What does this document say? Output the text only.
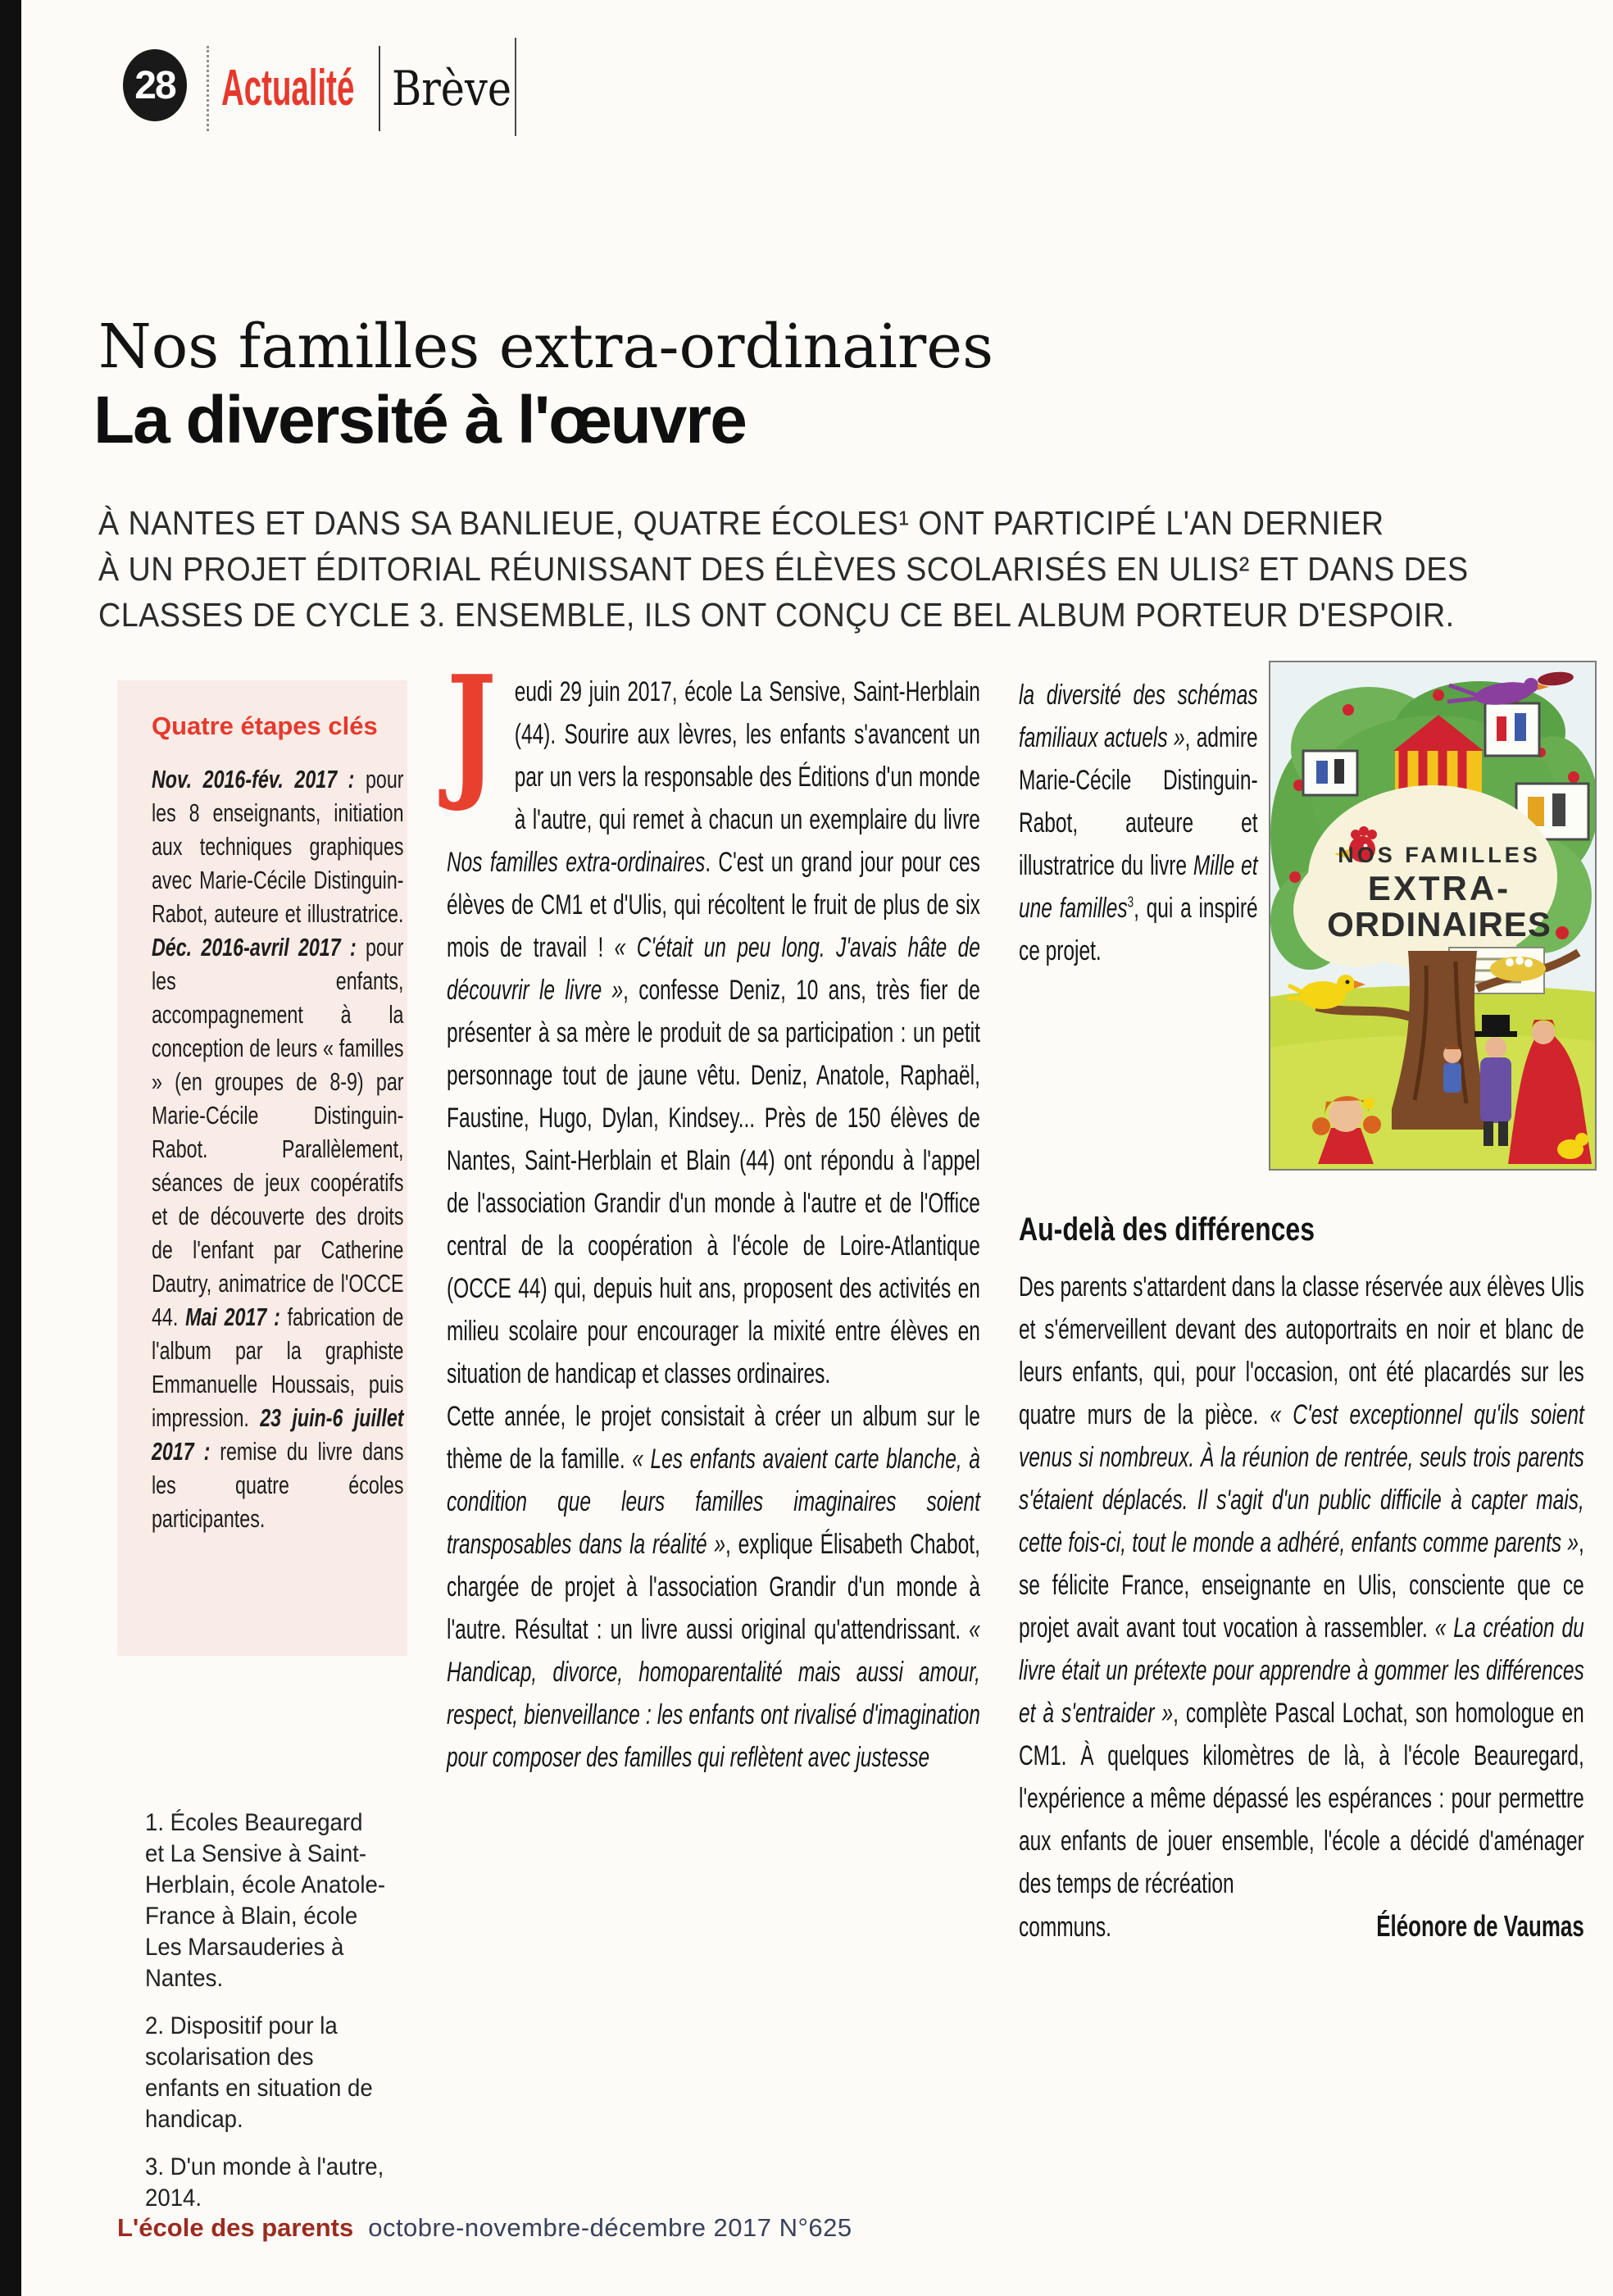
28 Actualité Brève
Nos familles extra-ordinaires
La diversité à l'œuvre
À NANTES ET DANS SA BANLIEUE, QUATRE ÉCOLES¹ ONT PARTICIPÉ L'AN DERNIER
À UN PROJET ÉDITORIAL RÉUNISSANT DES ÉLÈVES SCOLARISÉS EN ULIS² ET DANS DES
CLASSES DE CYCLE 3. ENSEMBLE, ILS ONT CONÇU CE BEL ALBUM PORTEUR D'ESPOIR.
Quatre étapes clés
Nov. 2016-fév. 2017 : pour les 8 enseignants, initiation aux techniques graphiques avec Marie-Cécile Distinguin-Rabot, auteure et illustratrice. Déc. 2016-avril 2017 : pour les enfants, accompagnement à la conception de leurs « familles » (en groupes de 8-9) par Marie-Cécile Distinguin-Rabot. Parallèlement, séances de jeux coopératifs et de découverte des droits de l'enfant par Catherine Dautry, animatrice de l'OCCE 44. Mai 2017 : fabrication de l'album par la graphiste Emmanuelle Houssais, puis impression. 23 juin-6 juillet 2017 : remise du livre dans les quatre écoles participantes.

Jeudi 29 juin 2017, école La Sensive, Saint-Herblain (44). Sourire aux lèvres, les enfants s'avancent un par un vers la responsable des Éditions d'un monde à l'autre, qui remet à chacun un exemplaire du livre Nos familles extra-ordinaires. C'est un grand jour pour ces élèves de CM1 et d'Ulis, qui récoltent le fruit de plus de six mois de travail ! « C'était un peu long. J'avais hâte de découvrir le livre », confesse Deniz, 10 ans, très fier de présenter à sa mère le produit de sa participation : un petit personnage tout de jaune vêtu. Deniz, Anatole, Raphaël, Faustine, Hugo, Dylan, Kindsey... Près de 150 élèves de Nantes, Saint-Herblain et Blain (44) ont répondu à l'appel de l'association Grandir d'un monde à l'autre et de l'Office central de la coopération à l'école de Loire-Atlantique (OCCE 44) qui, depuis huit ans, proposent des activités en milieu scolaire pour encourager la mixité entre élèves en situation de handicap et classes ordinaires.

Cette année, le projet consistait à créer un album sur le thème de la famille. « Les enfants avaient carte blanche, à condition que leurs familles imaginaires soient transposables dans la réalité », explique Élisabeth Chabot, chargée de projet à l'association Grandir d'un monde à l'autre. Résultat : un livre aussi original qu'attendrissant. « Handicap, divorce, homoparentalité mais aussi amour, respect, bienveillance : les enfants ont rivalisé d'imagination pour composer des familles qui reflètent avec justesse

la diversité des schémas familiaux actuels », admire Marie-Cécile Distinguin-Rabot, auteure et illustratrice du livre Mille et une familles$^3$, qui a inspiré ce projet.
NOS FAMILLES
EXTRA-
ORDINAIRES
Au-delà des différences

Des parents s'attardent dans la classe réservée aux élèves Ulis et s'émerveillent devant des autoportraits en noir et blanc de leurs enfants, qui, pour l'occasion, ont été placardés sur les quatre murs de la pièce. « C'est exceptionnel qu'ils soient venus si nombreux. À la réunion de rentrée, seuls trois parents s'étaient déplacés. Il s'agit d'un public difficile à capter mais, cette fois-ci, tout le monde a adhéré, enfants comme parents », se félicite France, enseignante en Ulis, consciente que ce projet avait avant tout vocation à rassembler. « La création du livre était un prétexte pour apprendre à gommer les différences et à s'entraider », complète Pascal Lochat, son homologue en CM1. À quelques kilomètres de là, à l'école Beauregard, l'expérience a même dépassé les espérances : pour permettre aux enfants de jouer ensemble, l'école a décidé d'aménager des temps de récréation

communs.	Éléonore de Vaumas
1. Écoles Beauregard et La Sensive à Saint-Herblain, école Anatole-France à Blain, école Les Marsauderies à Nantes.
2. Dispositif pour la scolarisation des enfants en situation de handicap.
3. D'un monde à l'autre, 2014.
L'école des parents octobre-novembre-décembre 2017 N°625
